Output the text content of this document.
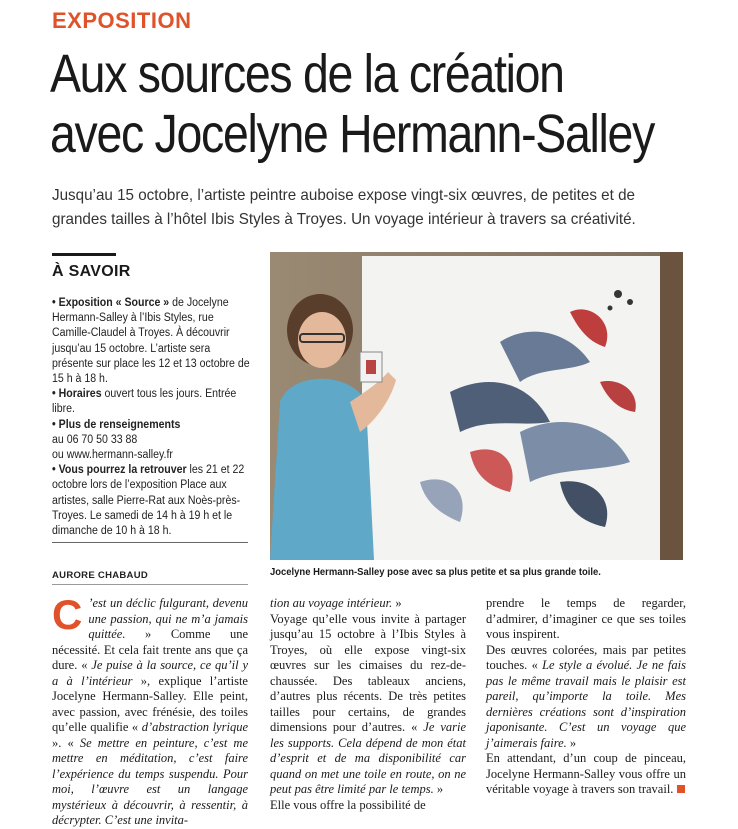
EXPOSITION
Aux sources de la création
avec Jocelyne Hermann-Salley
Jusqu’au 15 octobre, l’artiste peintre auboise expose vingt-six œuvres, de petites et de grandes tailles à l’hôtel Ibis Styles à Troyes. Un voyage intérieur à travers sa créativité.
À SAVOIR

• Exposition « Source » de Jocelyne Hermann-Salley à l’Ibis Styles, rue Camille-Claudel à Troyes. À découvrir jusqu’au 15 octobre. L’artiste sera présente sur place les 12 et 13 octobre de 15 h à 18 h.

• Horaires ouvert tous les jours. Entrée libre.

• Plus de renseignements

au 06 70 50 33 88

ou www.hermann-salley.fr

• Vous pourrez la retrouver les 21 et 22 octobre lors de l’exposition Place aux artistes, salle Pierre-Rat aux Noès-près-Troyes. Le samedi de 14 h à 19 h et le dimanche de 10 h à 18 h.

AURORE CHABAUD	Jocelyne Hermann-Salley pose avec sa plus petite et sa plus grande toile.

C ’est un déclic fulgurant, devenu une passion, qui ne m’a jamais quittée. » Comme une nécessité. Et cela fait trente ans que ça dure. « Je puise à la source, ce qu’il y a à l’intérieur », explique l’artiste Jocelyne Hermann-Salley. Elle peint, avec passion, avec frénésie, des toiles qu’elle qualifie « d’abstraction lyrique ». « Se mettre en peinture, c’est me mettre en méditation, c’est faire l’expérience du temps suspendu. Pour moi, l’œuvre est un langage mystérieux à découvrir, à ressentir, à décrypter. C’est une invita-

tion au voyage intérieur. »

Voyage qu’elle vous invite à partager jusqu’au 15 octobre à l’Ibis Styles à Troyes, où elle expose vingt-six œuvres sur les cimaises du rez-de-chaussée. Des tableaux anciens, d’autres plus récents. De très petites tailles pour certains, de grandes dimensions pour d’autres. « Je varie les supports. Cela dépend de mon état d’esprit et de ma disponibilité car quand on met une toile en route, on ne peut pas être limité par le temps. »

Elle vous offre la possibilité de

prendre le temps de regarder, d’admirer, d’imaginer ce que ses toiles vous inspirent.

Des œuvres colorées, mais par petites touches. « Le style a évolué. Je ne fais pas le même travail mais le plaisir est pareil, qu’importe la toile. Mes dernières créations sont d’inspiration japonisante. C’est un voyage que j’aimerais faire. »

En attendant, d’un coup de pinceau, Jocelyne Hermann-Salley vous offre un véritable voyage à travers son travail.
